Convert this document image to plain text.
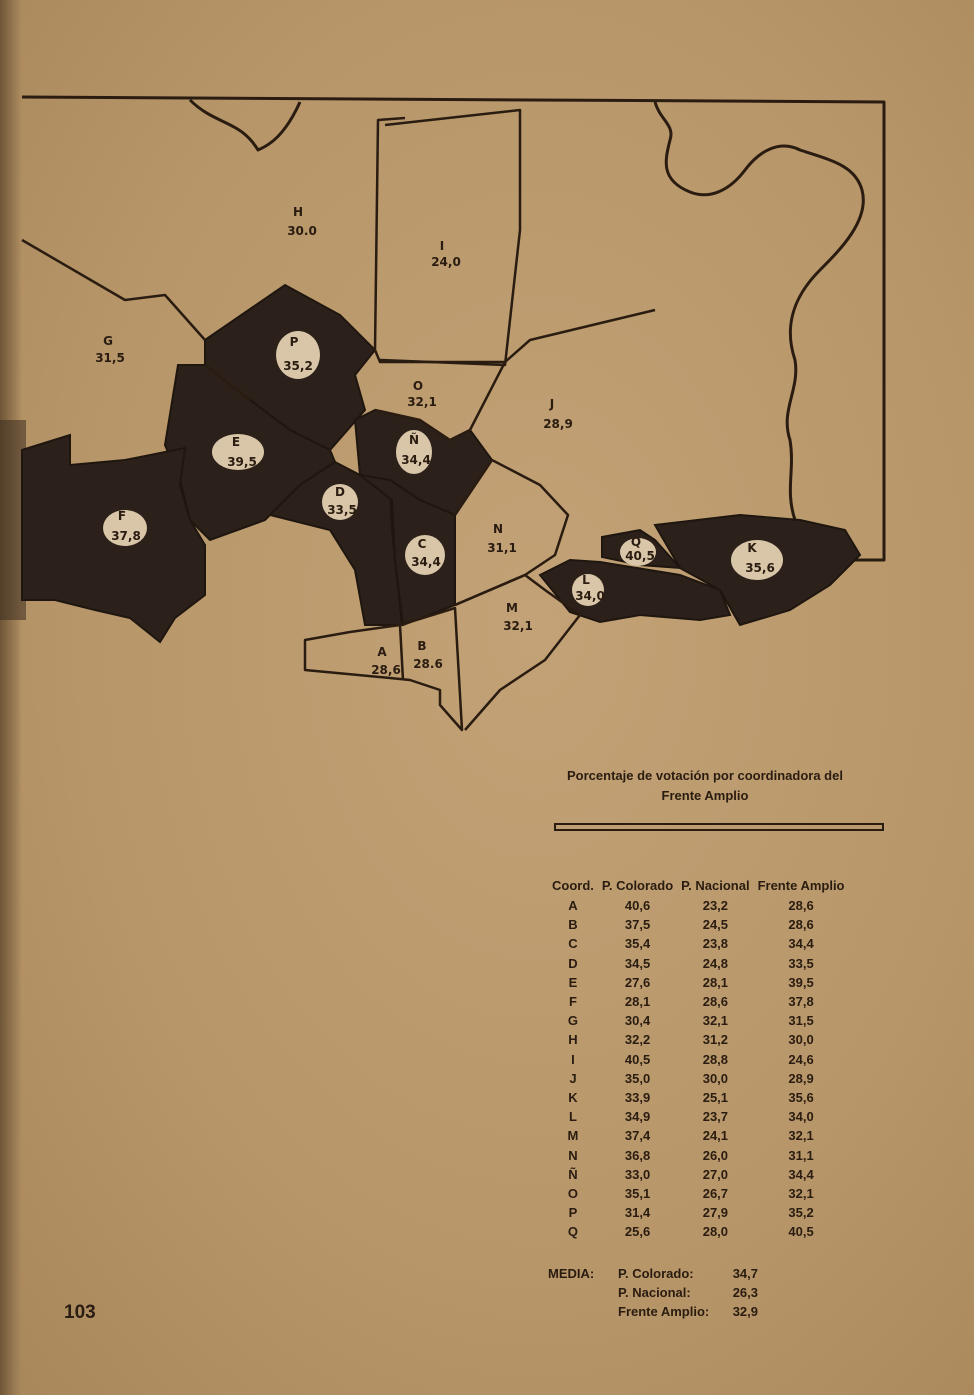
G
31,5
H
30.0
I
24,0
O
32,1	J
28,9
N
31,1
M
32,1
A
28,6
B
28.6
P
35,2
E
39,5
F
37,8
Ñ
34,4
D
33,5
C
34,4
L
34,0
Q
40,5
K
35,6
Porcentaje de votación por coordinadora del
Frente Amplio
Coord.	P. Colorado	P. Nacional	Frente Amplio
A	40,6	23,2	28,6
B	37,5	24,5	28,6
C	35,4	23,8	34,4
D	34,5	24,8	33,5
E	27,6	28,1	39,5
F	28,1	28,6	37,8
G	30,4	32,1	31,5
H	32,2	31,2	30,0
I	40,5	28,8	24,6
J	35,0	30,0	28,9
K	33,9	25,1	35,6
L	34,9	23,7	34,0
M	37,4	24,1	32,1
N	36,8	26,0	31,1
Ñ	33,0	27,0	34,4
O	35,1	26,7	32,1
P	31,4	27,9	35,2
Q	25,6	28,0	40,5
MEDIA:	P. Colorado:	34,7
P. Nacional:	26,3
Frente Amplio:	32,9
103
